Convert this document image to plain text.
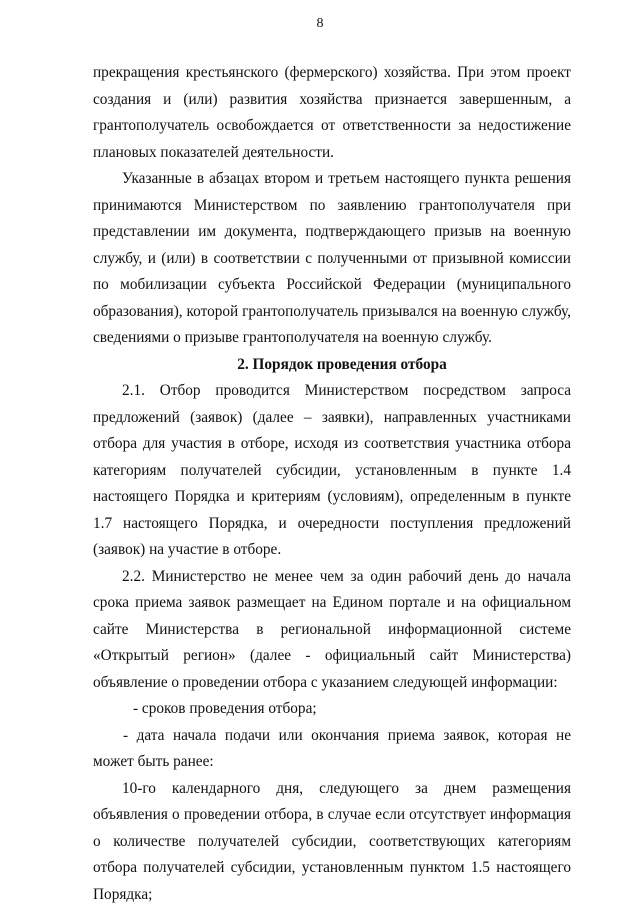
8

прекращения крестьянского (фермерского) хозяйства. При этом проект создания и (или) развития хозяйства признается завершенным, а грантополучатель освобождается от ответственности за недостижение плановых показателей деятельности.

Указанные в абзацах втором и третьем настоящего пункта решения принимаются Министерством по заявлению грантополучателя при представлении им документа, подтверждающего призыв на военную службу, и (или) в соответствии с полученными от призывной комиссии по мобилизации субъекта Российской Федерации (муниципального образования), которой грантополучатель призывался на военную службу, сведениями о призыве грантополучателя на военную службу.

2. Порядок проведения отбора

2.1. Отбор проводится Министерством посредством запроса предложений (заявок) (далее – заявки), направленных участниками отбора для участия в отборе, исходя из соответствия участника отбора категориям получателей субсидии, установленным в пункте 1.4 настоящего Порядка и критериям (условиям), определенным в пункте 1.7 настоящего Порядка, и очередности поступления предложений (заявок) на участие в отборе.

2.2. Министерство не менее чем за один рабочий день до начала срока приема заявок размещает на Едином портале и на официальном сайте Министерства в региональной информационной системе «Открытый регион» (далее - официальный сайт Министерства) объявление о проведении отбора с указанием следующей информации:

- сроков проведения отбора;

- дата начала подачи или окончания приема заявок, которая не может быть ранее:

10-го календарного дня, следующего за днем размещения объявления о проведении отбора, в случае если отсутствует информация о количестве получателей субсидии, соответствующих категориям отбора получателей субсидии, установленным пунктом 1.5 настоящего Порядка;
